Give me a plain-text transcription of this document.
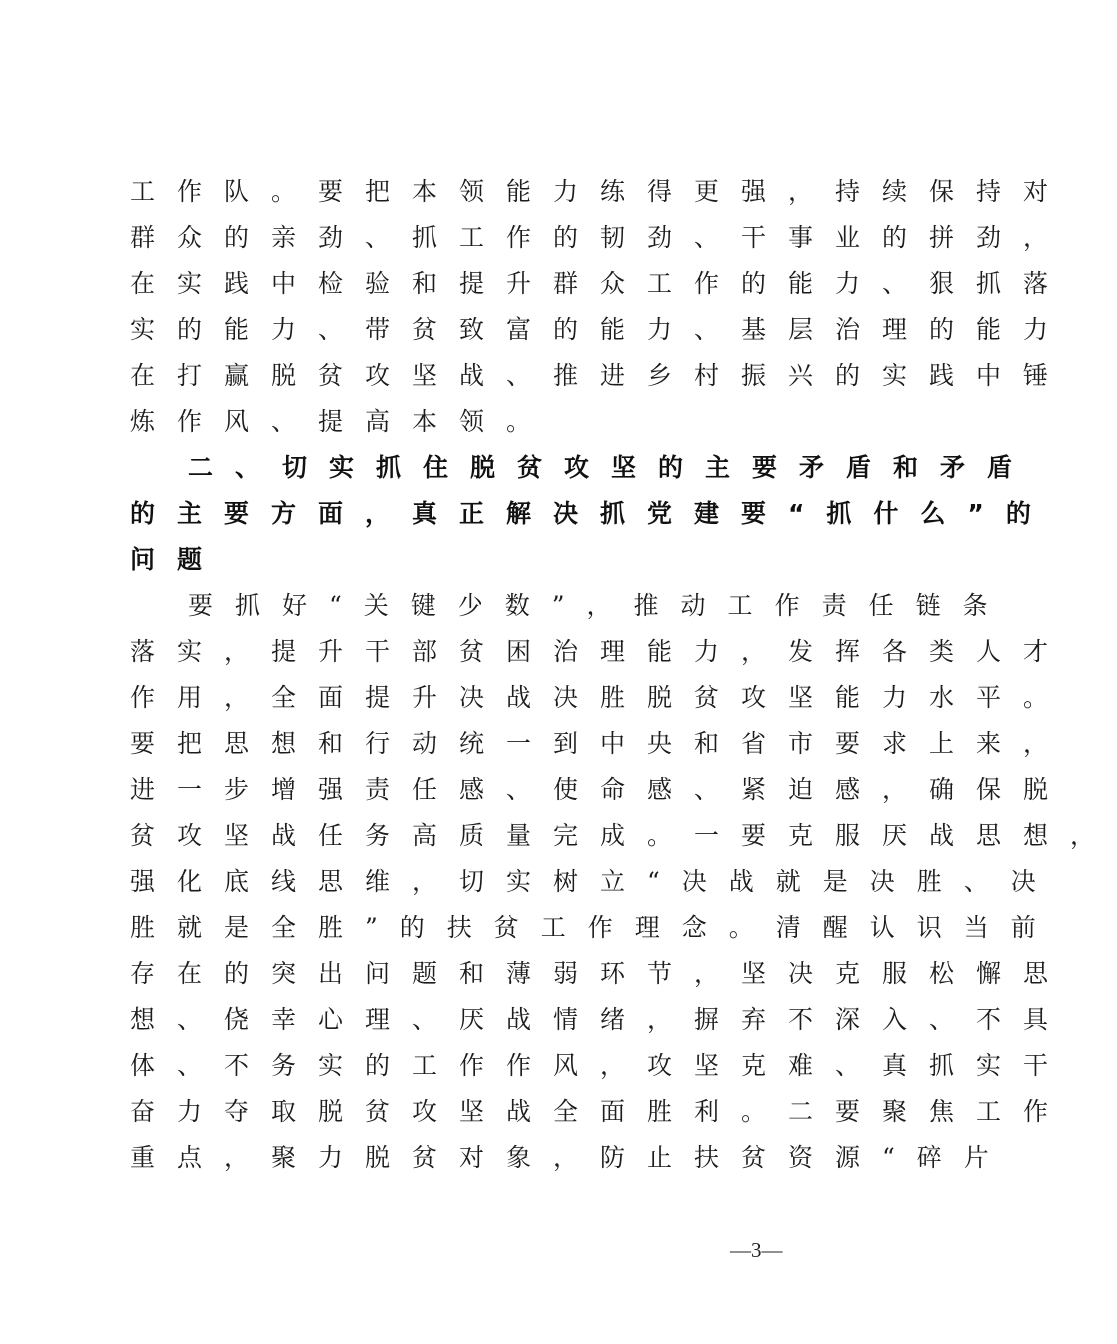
工作队。要把本领能力练得更强，持续保持对
群众的亲劲、抓工作的韧劲、干事业的拼劲，
在实践中检验和提升群众工作的能力、狠抓落
实的能力、带贫致富的能力、基层治理的能力
在打赢脱贫攻坚战、推进乡村振兴的实践中锤
炼作风、提高本领。
二、切实抓住脱贫攻坚的主要矛盾和矛盾
的主要方面，真正解决抓党建要“抓什么”的
问题
要抓好“关键少数”，推动工作责任链条
落实，提升干部贫困治理能力，发挥各类人才
作用，全面提升决战决胜脱贫攻坚能力水平。
要把思想和行动统一到中央和省市要求上来，
进一步增强责任感、使命感、紧迫感，确保脱
贫攻坚战任务高质量完成。一要克服厌战思想，
强化底线思维，切实树立“决战就是决胜、决
胜就是全胜”的扶贫工作理念。清醒认识当前
存在的突出问题和薄弱环节，坚决克服松懈思
想、侥幸心理、厌战情绪，摒弃不深入、不具
体、不务实的工作作风，攻坚克难、真抓实干
奋力夺取脱贫攻坚战全面胜利。二要聚焦工作
重点，聚力脱贫对象，防止扶贫资源“碎片
—3—
